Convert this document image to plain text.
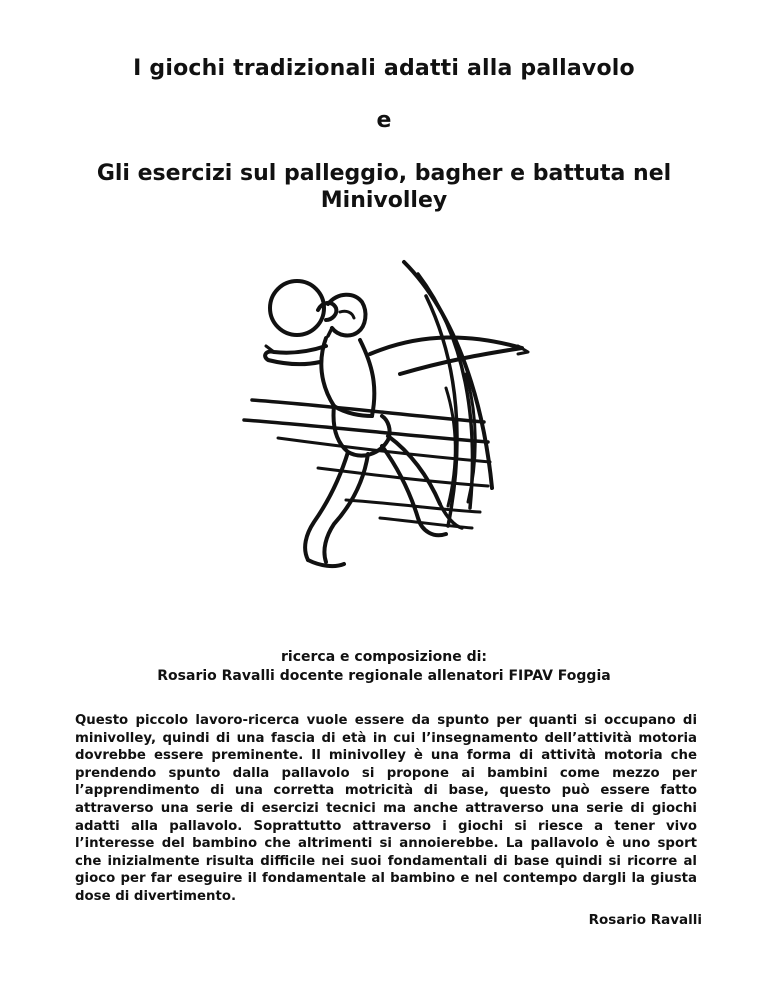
I giochi tradizionali adatti alla pallavolo
e
Gli esercizi sul palleggio, bagher e battuta nel Minivolley
ricerca e composizione di:
Rosario Ravalli docente regionale allenatori FIPAV Foggia

Questo piccolo lavoro-ricerca vuole essere da spunto per quanti si occupano di minivolley, quindi di una fascia di età in cui l’insegnamento dell’attività motoria dovrebbe essere preminente. Il minivolley è una forma di attività motoria che prendendo spunto dalla pallavolo si propone ai bambini come mezzo per l’apprendimento di una corretta motricità di base, questo può essere fatto attraverso una serie di esercizi tecnici ma anche attraverso una serie di giochi adatti alla pallavolo. Soprattutto attraverso i giochi si riesce a tener vivo l’interesse del bambino che altrimenti si annoierebbe. La pallavolo è uno sport che inizialmente risulta difficile nei suoi fondamentali di base quindi si ricorre al gioco per far eseguire il fondamentale al bambino e nel contempo dargli la giusta dose di divertimento.

Rosario Ravalli
